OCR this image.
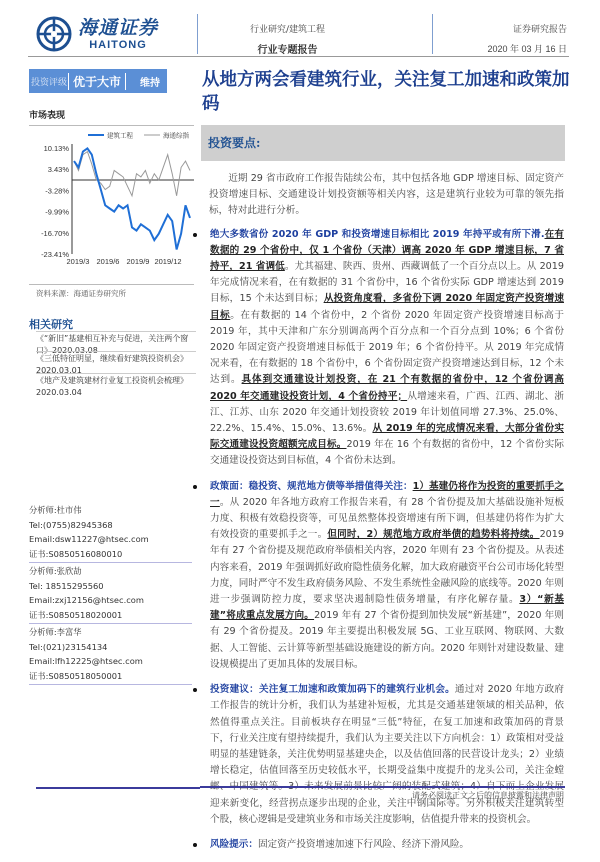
海通证券
HAITONG
行业研究/建筑工程
行业专题报告
证券研究报告
2020 年 03 月 16 日
投资评级 优于大市	维持 从地方两会看建筑行业，关注复工加速和政策加码
市场表现
10.13%
3.43%
-3.28%
-9.99%
-16.70%
-23.41%
2019/3 2019/6 2019/9 2019/12
建筑工程	海通综指
资料来源：海通证券研究所
相关研究
《“新旧”基建相互补充与促进，关注两个窗口》2020.03.08
《三低特征明显，继续看好建筑投资机会》2020.03.01
《地产及建筑建材行业复工投资机会梳理》2020.03.04
分析师:杜市伟
Tel:(0755)82945368
Email:dsw11227@htsec.com
证书:S0850516080010
分析师:张欣劼
Tel: 18515295560
Email:zxj12156@htsec.com
证书:S0850518020001
分析师:李富华
Tel:(021)23154134
Email:lfh12225@htsec.com
证书:S0850518050001
投资要点:

近期 29 省市政府工作报告陆续公布，其中包括各地 GDP 增速目标、固定资产投资增速目标、交通建设计划投资额等相关内容，这是建筑行业较为可靠的领先指标，特对此进行分析。

绝大多数省份 2020 年 GDP 和投资增速目标相比 2019 年持平或有所下滑.在有数据的 29 个省份中，仅 1 个省份（天津）调高 2020 年 GDP 增速目标，7 省持平，21 省调低。尤其福建、陕西、贵州、西藏调低了一个百分点以上。从 2019 年完成情况来看，在有数据的 31 个省份中，16 个省份实际 GDP 增速达到 2019 目标，15 个未达到目标；从投资角度看，多省份下调 2020 年固定资产投资增速目标。在有数据的 14 个省份中，2 个省份 2020 年固定资产投资增速目标高于 2019 年，其中天津和广东分别调高两个百分点和一个百分点到 10%；6 个省份 2020 年固定资产投资增速目标低于 2019 年；6 个省份持平。从 2019 年完成情况来看，在有数据的 18 个省份中，6 个省份固定资产投资增速达到目标，12 个未达到。具体到交通建设计划投资，在 21 个有数据的省份中，12 个省份调高 2020 年交通建设投资计划，4 个省份持平；从增速来看，广西、江西、湖北、浙江、江苏、山东 2020 年交通计划投资较 2019 年计划值同增 27.3%、25.0%、22.2%、15.4%、15.0%、13.6%。从 2019 年的完成情况来看，大部分省份实际交通建设投资超额完成目标。2019 年在 16 个有数据的省份中，12 个省份实际交通建设投资达到目标值，4 个省份未达到。
政策面：稳投资、规范地方债等举措值得关注：1）基建仍将作为投资的重要抓手之一。从 2020 年各地方政府工作报告来看，有 28 个省份提及加大基础设施补短板力度、积极有效稳投资等，可见虽然整体投资增速有所下调，但基建仍将作为扩大有效投资的重要抓手之一。但同时，2）规范地方政府举债的趋势料将持续。2019 年有 27 个省份提及规范政府举债相关内容，2020 年则有 23 个省份提及。从表述内容来看，2019 年强调抓好政府隐性债务化解，加大政府融资平台公司市场化转型力度，同时严守不发生政府债务风险、不发生系统性金融风险的底线等。2020 年则进一步强调防控力度，要求坚决遏制隐性债务增量，有序化解存量。3）“新基建”将成重点发展方向。2019 年有 27 个省份提到加快发展“新基建”，2020 年则有 29 个省份提及。2019 年主要提出积极发展 5G、工业互联网、物联网、大数据、人工智能、云计算等新型基础设施建设的新方向。2020 年则针对建设数量、建设规模提出了更加具体的发展目标。
投资建议：关注复工加速和政策加码下的建筑行业机会。通过对 2020 年地方政府工作报告的统计分析，我们认为基建补短板，尤其是交通基建领域的相关品种，依然值得重点关注。目前板块存在明显“三低”特征，在复工加速和政策加码的背景下，行业关注度有望持续提升，我们认为主要关注以下方向机会：1）政策相对受益明显的基建链条，关注优势明显基建央企，以及估值回落的民营设计龙头；2）业绩增长稳定，估值回落至历史较低水平，长期受益集中度提升的龙头公司，关注金螳 迎来新变化，经营拐点逐步出现的企业，关注中钢国际等。另外积极关注建筑转型个股，核心逻辑是受建筑业务和市场关注度影响，估值提升带来的投资机会。
风险提示：固定资产投资增速加速下行风险、经济下滑风险。
请务必阅读正文之后的信息披露和法律声明
